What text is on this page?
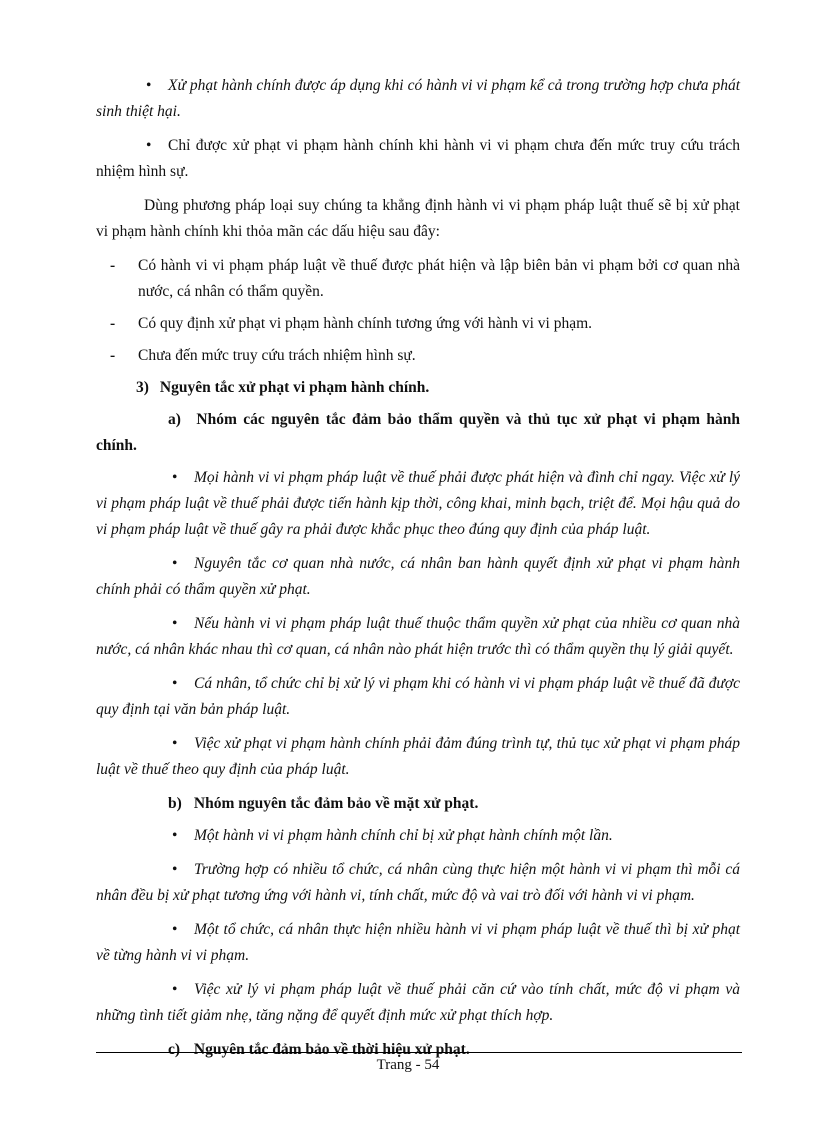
• Xử phạt hành chính được áp dụng khi có hành vi vi phạm kể cả trong trường hợp chưa phát sinh thiệt hại.

• Chỉ được xử phạt vi phạm hành chính khi hành vi vi phạm chưa đến mức truy cứu trách nhiệm hình sự.

Dùng phương pháp loại suy chúng ta khẳng định hành vi vi phạm pháp luật thuế sẽ bị xử phạt vi phạm hành chính khi thỏa mãn các dấu hiệu sau đây:

- Có hành vi vi phạm pháp luật về thuế được phát hiện và lập biên bản vi phạm bởi cơ quan nhà nước, cá nhân có thẩm quyền.

- Có quy định xử phạt vi phạm hành chính tương ứng với hành vi vi phạm.

- Chưa đến mức truy cứu trách nhiệm hình sự.

3) Nguyên tắc xử phạt vi phạm hành chính.

a) Nhóm các nguyên tắc đảm bảo thẩm quyền và thủ tục xử phạt vi phạm hành chính.

• Mọi hành vi vi phạm pháp luật về thuế phải được phát hiện và đình chỉ ngay. Việc xử lý vi phạm pháp luật về thuế phải được tiến hành kịp thời, công khai, minh bạch, triệt để. Mọi hậu quả do vi phạm pháp luật về thuế gây ra phải được khắc phục theo đúng quy định của pháp luật.

• Nguyên tắc cơ quan nhà nước, cá nhân ban hành quyết định xử phạt vi phạm hành chính phải có thẩm quyền xử phạt.

• Nếu hành vi vi phạm pháp luật thuế thuộc thẩm quyền xử phạt của nhiều cơ quan nhà nước, cá nhân khác nhau thì cơ quan, cá nhân nào phát hiện trước thì có thẩm quyền thụ lý giải quyết.

• Cá nhân, tổ chức chỉ bị xử lý vi phạm khi có hành vi vi phạm pháp luật về thuế đã được quy định tại văn bản pháp luật.

• Việc xử phạt vi phạm hành chính phải đảm đúng trình tự, thủ tục xử phạt vi phạm pháp luật về thuế theo quy định của pháp luật.

b) Nhóm nguyên tắc đảm bảo về mặt xử phạt.

• Một hành vi vi phạm hành chính chỉ bị xử phạt hành chính một lần.

• Trường hợp có nhiều tổ chức, cá nhân cùng thực hiện một hành vi vi phạm thì mỗi cá nhân đều bị xử phạt tương ứng với hành vi, tính chất, mức độ và vai trò đối với hành vi vi phạm.

• Một tổ chức, cá nhân thực hiện nhiều hành vi vi phạm pháp luật về thuế thì bị xử phạt về từng hành vi vi phạm.

• Việc xử lý vi phạm pháp luật về thuế phải căn cứ vào tính chất, mức độ vi phạm và những tình tiết giảm nhẹ, tăng nặng để quyết định mức xử phạt thích hợp.

c) Nguyên tắc đảm bảo về thời hiệu xử phạt.

Trang - 54
